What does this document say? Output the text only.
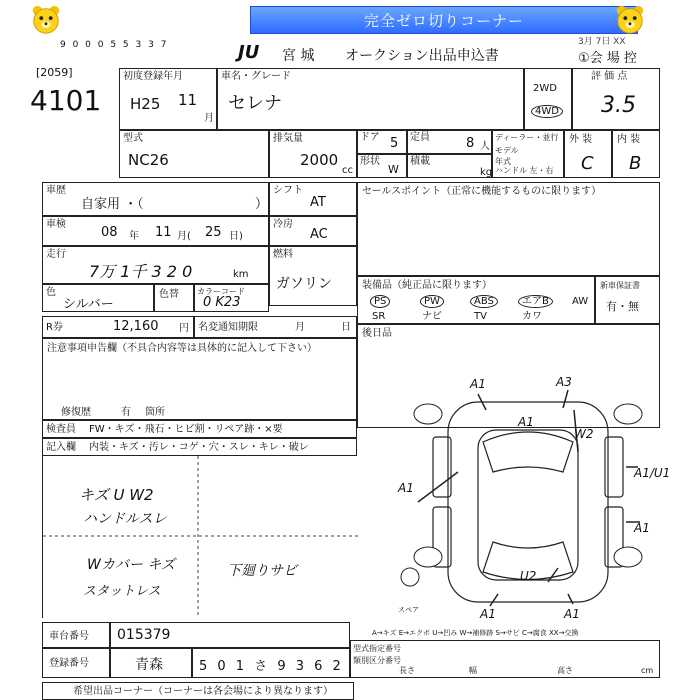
完全ゼロ切りコーナー
9 0 0 0 5 5 3 3 7	JU 宮 城 オークション出品申込書	①会 場 控
3月 7日 XX
[2059]
4101
初度登録年月
H25 11
月
車名・グレード
セレナ
2WD
4WD
評 価 点
3.5
型式
NC26
排気量
2000
cc
ドア 5 定員	8 人
ディーラー・並行
モデル年式
ハンドル 左・右
形状
W
積載
kg
外 装
C
内 装
B
車歴
自家用 ・（	）
シフト
AT
セールスポイント（正常に機能するものに限ります）
車検
08 年 11 月( 25 日)
冷房
AC
走行
7万 1千 3 2 0	km
燃料
ガソリン
色
シルバー
色替 カラーコード
0 K23
装備品（純正品に限ります）
PS	PW	ABS	エアB	AW
SR	ナビ	TV	カワ
新車保証書
有・無
R券	12,160 円 名変通知期限	月	日
後日品
注意事項申告欄（不具合内容等は具体的に記入して下さい）
修復歴	有 箇所
検査員 FW・キズ・飛石・ヒビ割・リペア跡・×要
記入欄 内装・キズ・汚レ・コゲ・穴・スレ・キレ・破レ
キズ U W2
ハンドルスレ
Wカバー キズ
スタットレス
下廻りサビ
A1	A3
A1
W2
A1
A1/U1
A1
U2
A1	A1
スペア
A→キズ E→エクボ U→凹み W→補修跡 S→サビ C→腐食 XX→交換
車台番号 015379
登録番号	青森	5 0 1 さ 9 3 6 2
型式指定番号
類別区分番号
長さ	幅	高さ	cm
希望出品コーナー（コーナーは各会場により異なります）
